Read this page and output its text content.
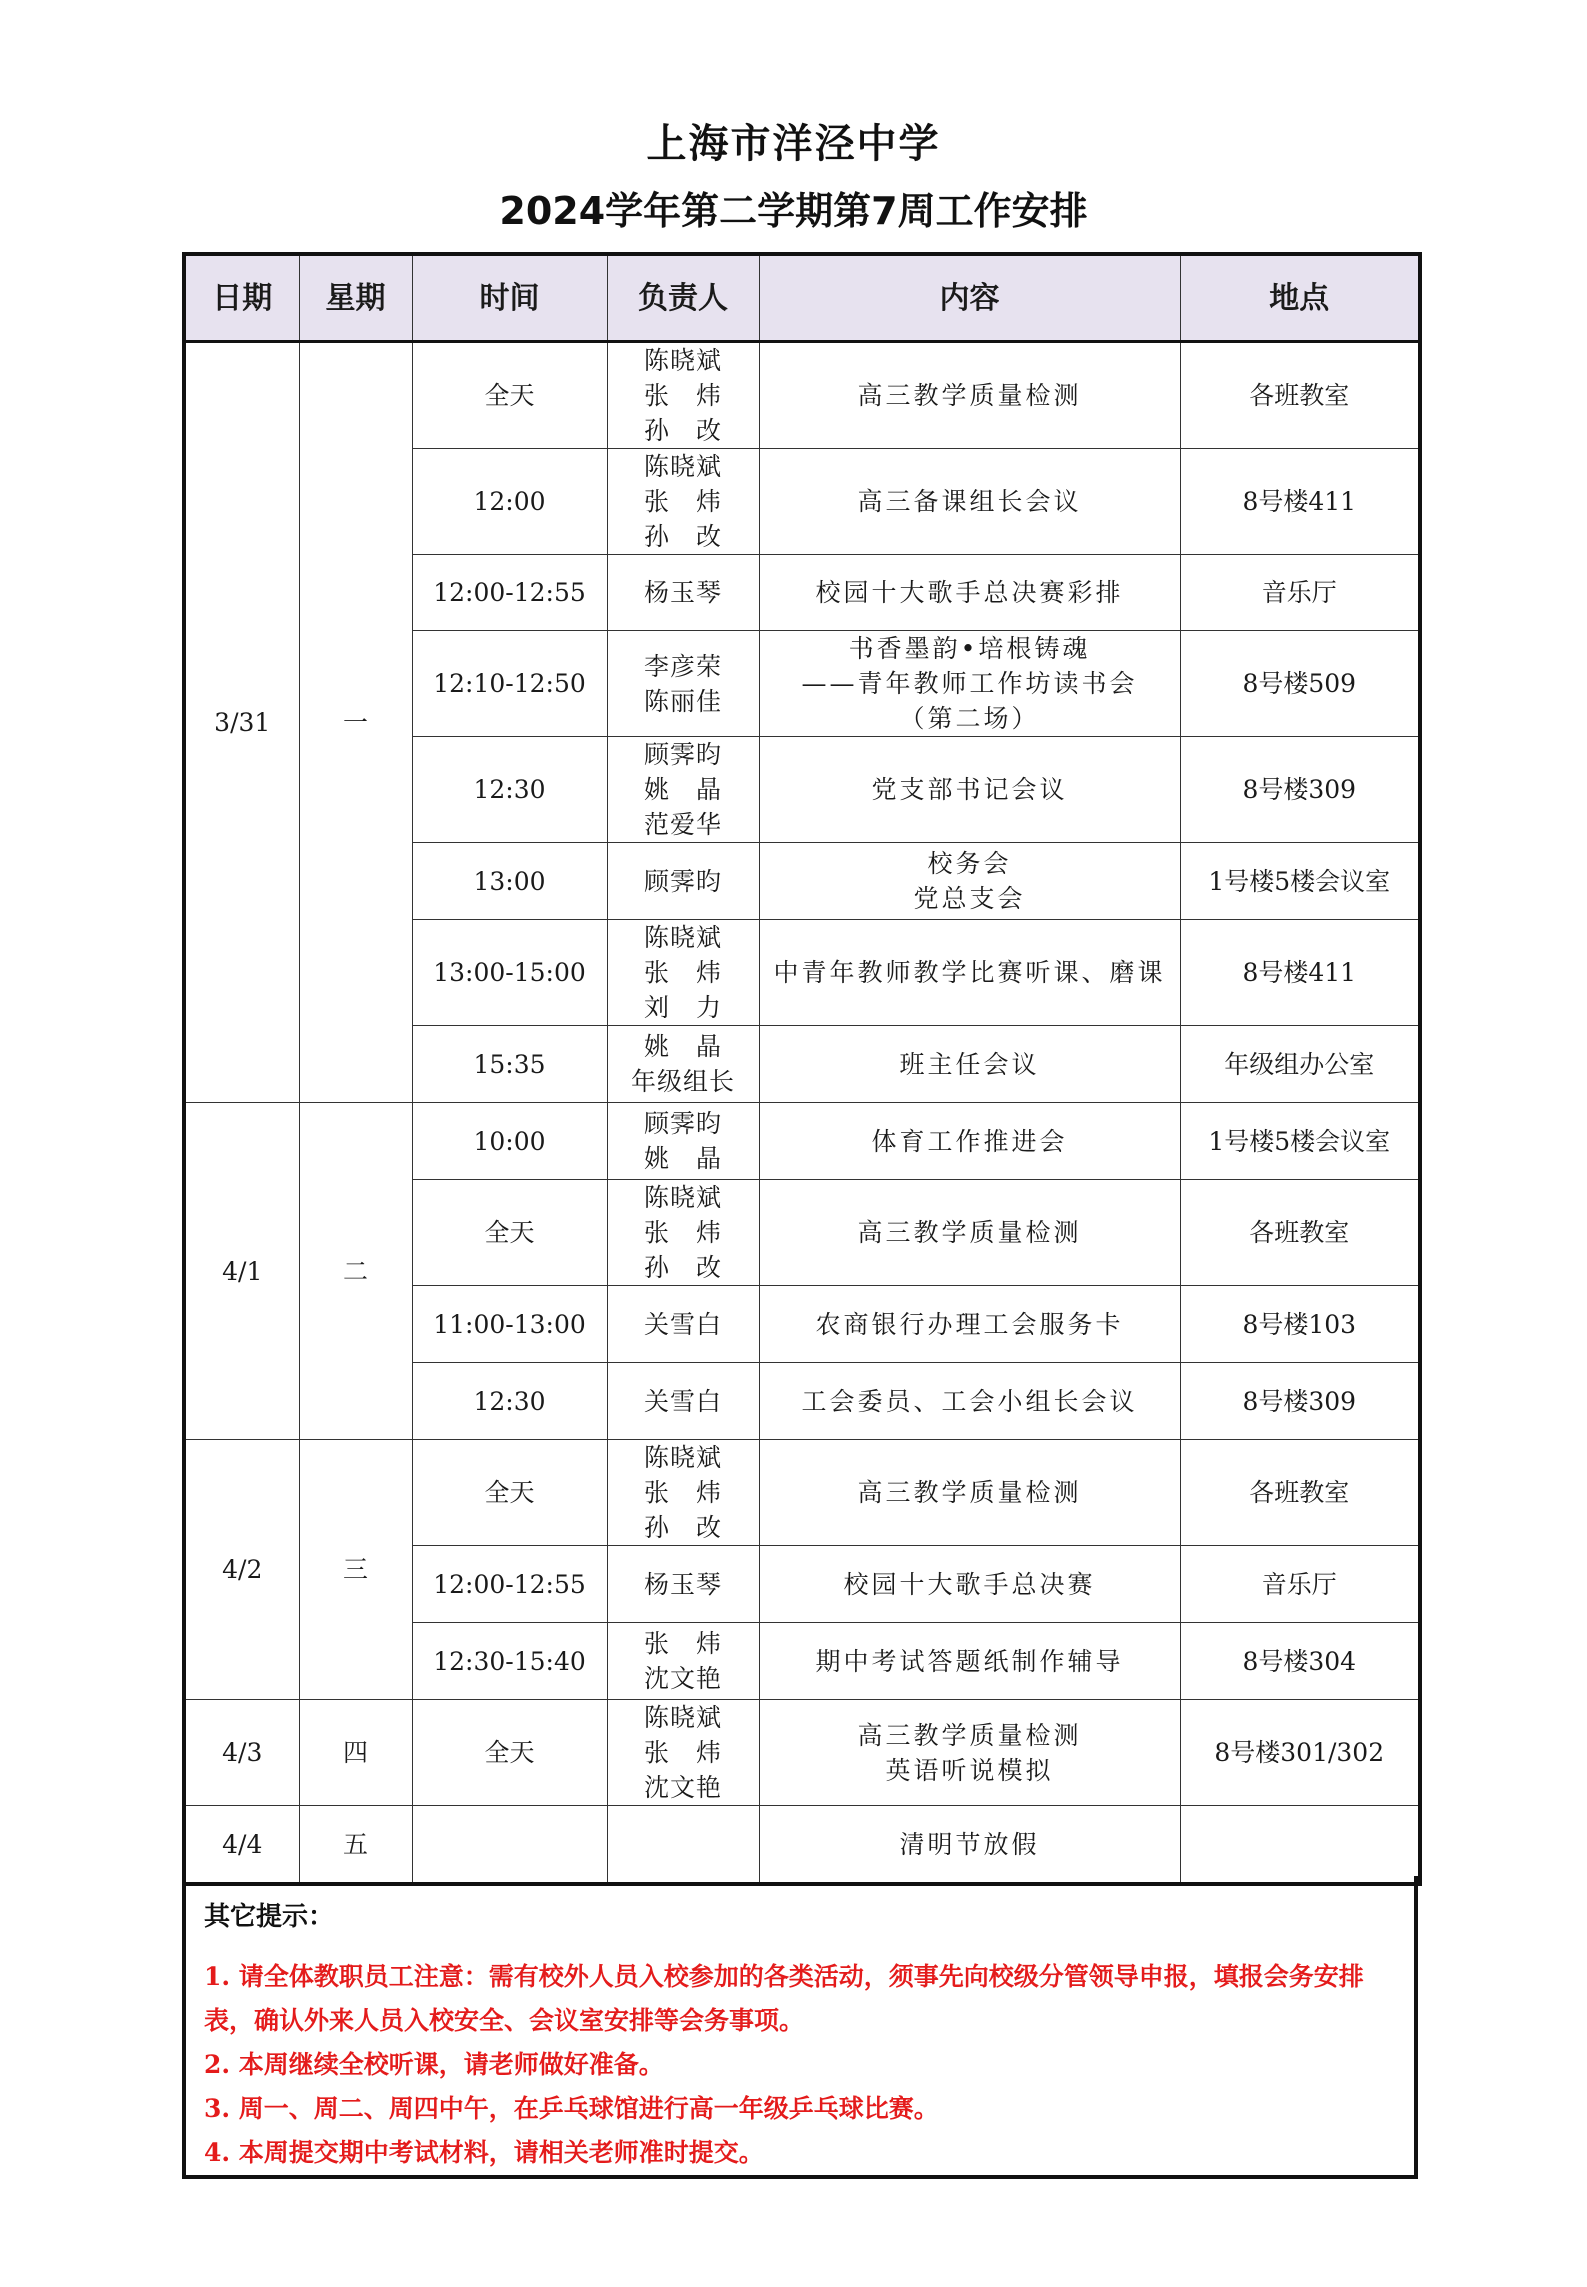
上海市洋泾中学
2024学年第二学期第7周工作安排
日期	星期	时间	负责人	内容	地点
3/31	一	全天	陈晓斌
张　炜
孙　改	高三教学质量检测	各班教室
		12:00	陈晓斌
张　炜
孙　改	高三备课组长会议	8号楼411
		12:00-12:55	杨玉琴	校园十大歌手总决赛彩排	音乐厅
		12:10-12:50	李彦荣
陈丽佳	书香墨韵•培根铸魂
——青年教师工作坊读书会
（第二场）	8号楼509
		12:30	顾霁昀
姚　晶
范爱华	党支部书记会议	8号楼309
		13:00	顾霁昀	校务会
党总支会	1号楼5楼会议室
		13:00-15:00	陈晓斌
张　炜
刘　力	中青年教师教学比赛听课、磨课	8号楼411
		15:35	姚　晶
年级组长	班主任会议	年级组办公室
4/1	二	10:00	顾霁昀
姚　晶	体育工作推进会	1号楼5楼会议室
		全天	陈晓斌
张　炜
孙　改	高三教学质量检测	各班教室
		11:00-13:00	关雪白	农商银行办理工会服务卡	8号楼103
		12:30	关雪白	工会委员、工会小组长会议	8号楼309
4/2	三	全天	陈晓斌
张　炜
孙　改	高三教学质量检测	各班教室
		12:00-12:55	杨玉琴	校园十大歌手总决赛	音乐厅
		12:30-15:40	张　炜
沈文艳	期中考试答题纸制作辅导	8号楼304
4/3	四	全天	陈晓斌
张　炜
沈文艳	高三教学质量检测
英语听说模拟	8号楼301/302
4/4	五			清明节放假	
其它提示：
1. 请全体教职员工注意：需有校外人员入校参加的各类活动，须事先向校级分管领导申报，填报会务安排表，确认外来人员入校安全、会议室安排等会务事项。
2. 本周继续全校听课，请老师做好准备。
3. 周一、周二、周四中午，在乒乓球馆进行高一年级乒乓球比赛。
4. 本周提交期中考试材料，请相关老师准时提交。
